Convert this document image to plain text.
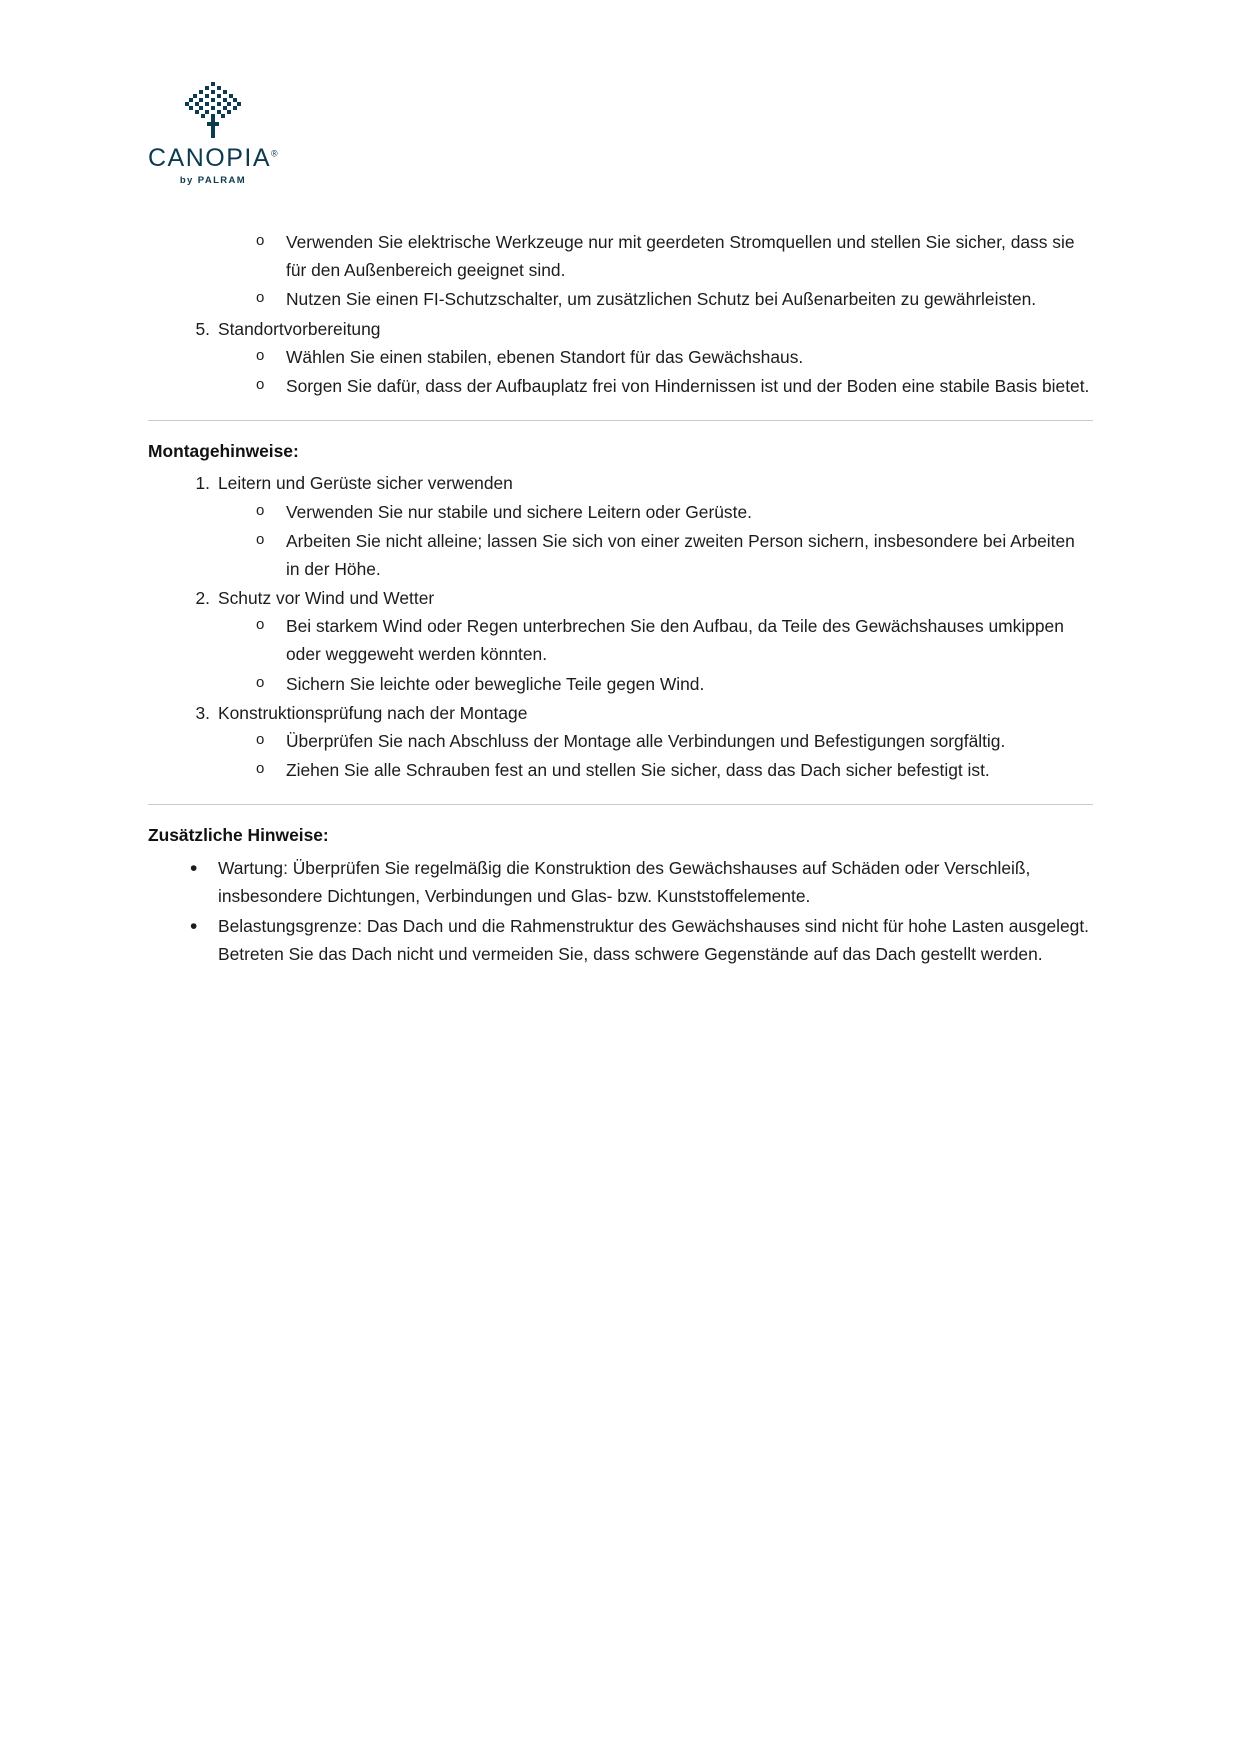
CANOPIA®
by PALRAM
o Verwenden Sie elektrische Werkzeuge nur mit geerdeten Stromquellen und stellen Sie sicher, dass sie für den Außenbereich geeignet sind.
o Nutzen Sie einen FI-Schutzschalter, um zusätzlichen Schutz bei Außenarbeiten zu gewährleisten.
5. Standortvorbereitung
o Wählen Sie einen stabilen, ebenen Standort für das Gewächshaus.
o Sorgen Sie dafür, dass der Aufbauplatz frei von Hindernissen ist und der Boden eine stabile Basis bietet.
Montagehinweise:
1. Leitern und Gerüste sicher verwenden
o Verwenden Sie nur stabile und sichere Leitern oder Gerüste.
o Arbeiten Sie nicht alleine; lassen Sie sich von einer zweiten Person sichern, insbesondere bei Arbeiten in der Höhe.
2. Schutz vor Wind und Wetter
o Bei starkem Wind oder Regen unterbrechen Sie den Aufbau, da Teile des Gewächshauses umkippen oder weggeweht werden könnten.
o Sichern Sie leichte oder bewegliche Teile gegen Wind.
3. Konstruktionsprüfung nach der Montage
o Überprüfen Sie nach Abschluss der Montage alle Verbindungen und Befestigungen sorgfältig.
o Ziehen Sie alle Schrauben fest an und stellen Sie sicher, dass das Dach sicher befestigt ist.
Zusätzliche Hinweise:
• Wartung: Überprüfen Sie regelmäßig die Konstruktion des Gewächshauses auf Schäden oder Verschleiß, insbesondere Dichtungen, Verbindungen und Glas- bzw. Kunststoffelemente.
• Belastungsgrenze: Das Dach und die Rahmenstruktur des Gewächshauses sind nicht für hohe Lasten ausgelegt. Betreten Sie das Dach nicht und vermeiden Sie, dass schwere Gegenstände auf das Dach gestellt werden.
